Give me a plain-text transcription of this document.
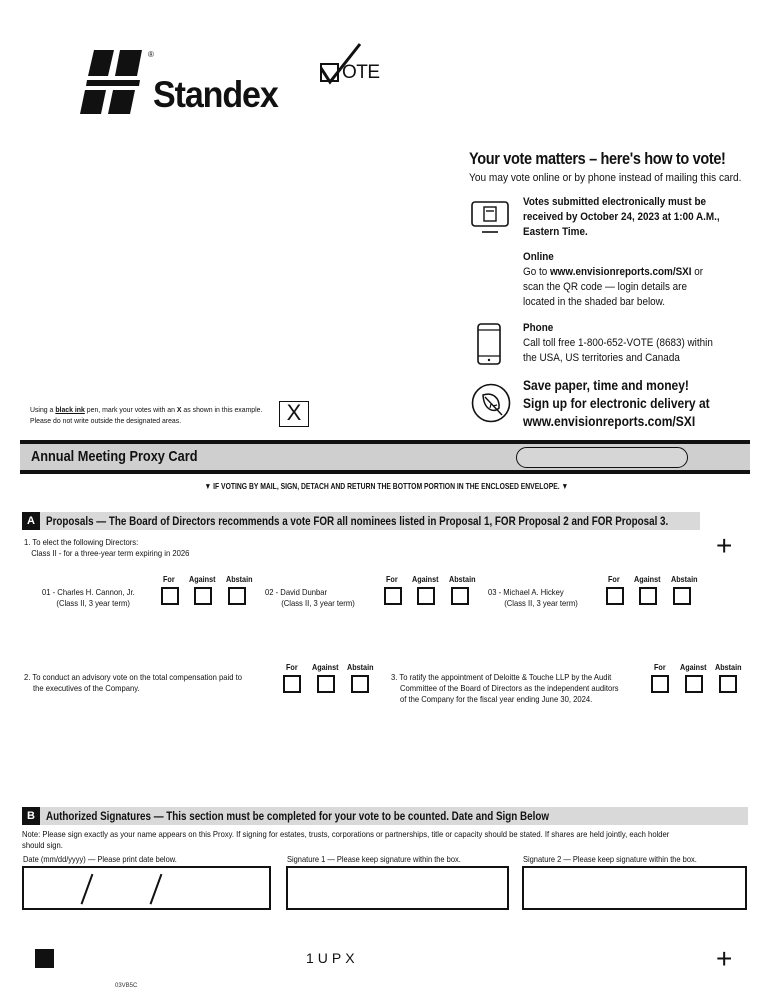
®
Standex
OTE
Your vote matters – here's how to vote!
You may vote online or by phone instead of mailing this card.
Votes submitted electronically must be
received by October 24, 2023 at 1:00 A.M.,
Eastern Time.
Online
Go to www.envisionreports.com/SXI or
scan the QR code — login details are
located in the shaded bar below.
Phone
Call toll free 1-800-652-VOTE (8683) within
the USA, US territories and Canada
Save paper, time and money!
Sign up for electronic delivery at
www.envisionreports.com/SXI
Using a black ink pen, mark your votes with an X as shown in this example.
Please do not write outside the designated areas.	X
Annual Meeting Proxy Card
▼ IF VOTING BY MAIL, SIGN, DETACH AND RETURN THE BOTTOM PORTION IN THE ENCLOSED ENVELOPE. ▼
A Proposals — The Board of Directors recommends a vote FOR all nominees listed in Proposal 1, FOR Proposal 2 and FOR Proposal 3.
+
1. To elect the following Directors:
Class II - for a three-year term expiring in 2026
01 - Charles H. Cannon, Jr.
(Class II, 3 year term)
For Against Abstain
02 - David Dunbar
(Class II, 3 year term)
For Against Abstain
03 - Michael A. Hickey
(Class II, 3 year term)
For Against Abstain
2. To conduct an advisory vote on the total compensation paid to
the executives of the Company.
For Against Abstain
3. To ratify the appointment of Deloitte & Touche LLP by the Audit
Committee of the Board of Directors as the independent auditors
of the Company for the fiscal year ending June 30, 2024.
For Against Abstain
B Authorized Signatures — This section must be completed for your vote to be counted. Date and Sign Below
Note: Please sign exactly as your name appears on this Proxy. If signing for estates, trusts, corporations or partnerships, title or capacity should be stated. If shares are held jointly, each holder
should sign.
Date (mm/dd/yyyy) — Please print date below.	Signature 1 — Please keep signature within the box.	Signature 2 — Please keep signature within the box.
1UPX	+
03VB5C
